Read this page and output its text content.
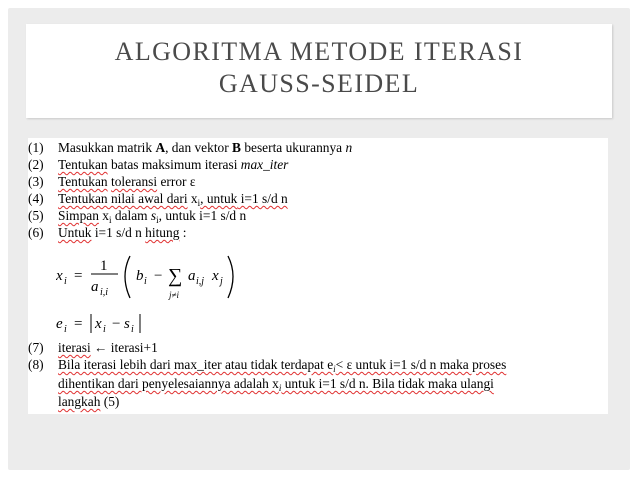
ALGORITMA METODE ITERASI
GAUSS-SEIDEL
(1) Masukkan matrik A, dan vektor B beserta ukurannya n
(2) Tentukan batas maksimum iterasi max_iter
(3) Tentukan toleransi error ε
(4) Tentukan nilai awal dari $x_i$, untuk i=1 s/d n
(5) Simpan $x_i$ dalam $s_i$, untuk i=1 s/d n
(6) Untuk i=1 s/d n hitung :
x i =
1
a i,i
b i − ∑
j≠i
a i,j x j
e i = x i − s i
(7) iterasi ← iterasi+1
(8) Bila iterasi lebih dari max_iter atau tidak terdapat $e_i< \varepsilon$ untuk i=1 s/d n maka proses
dihentikan dari penyelesaiannya adalah $x_i$ untuk i=1 s/d n. Bila tidak maka ulangi
langkah (5)
